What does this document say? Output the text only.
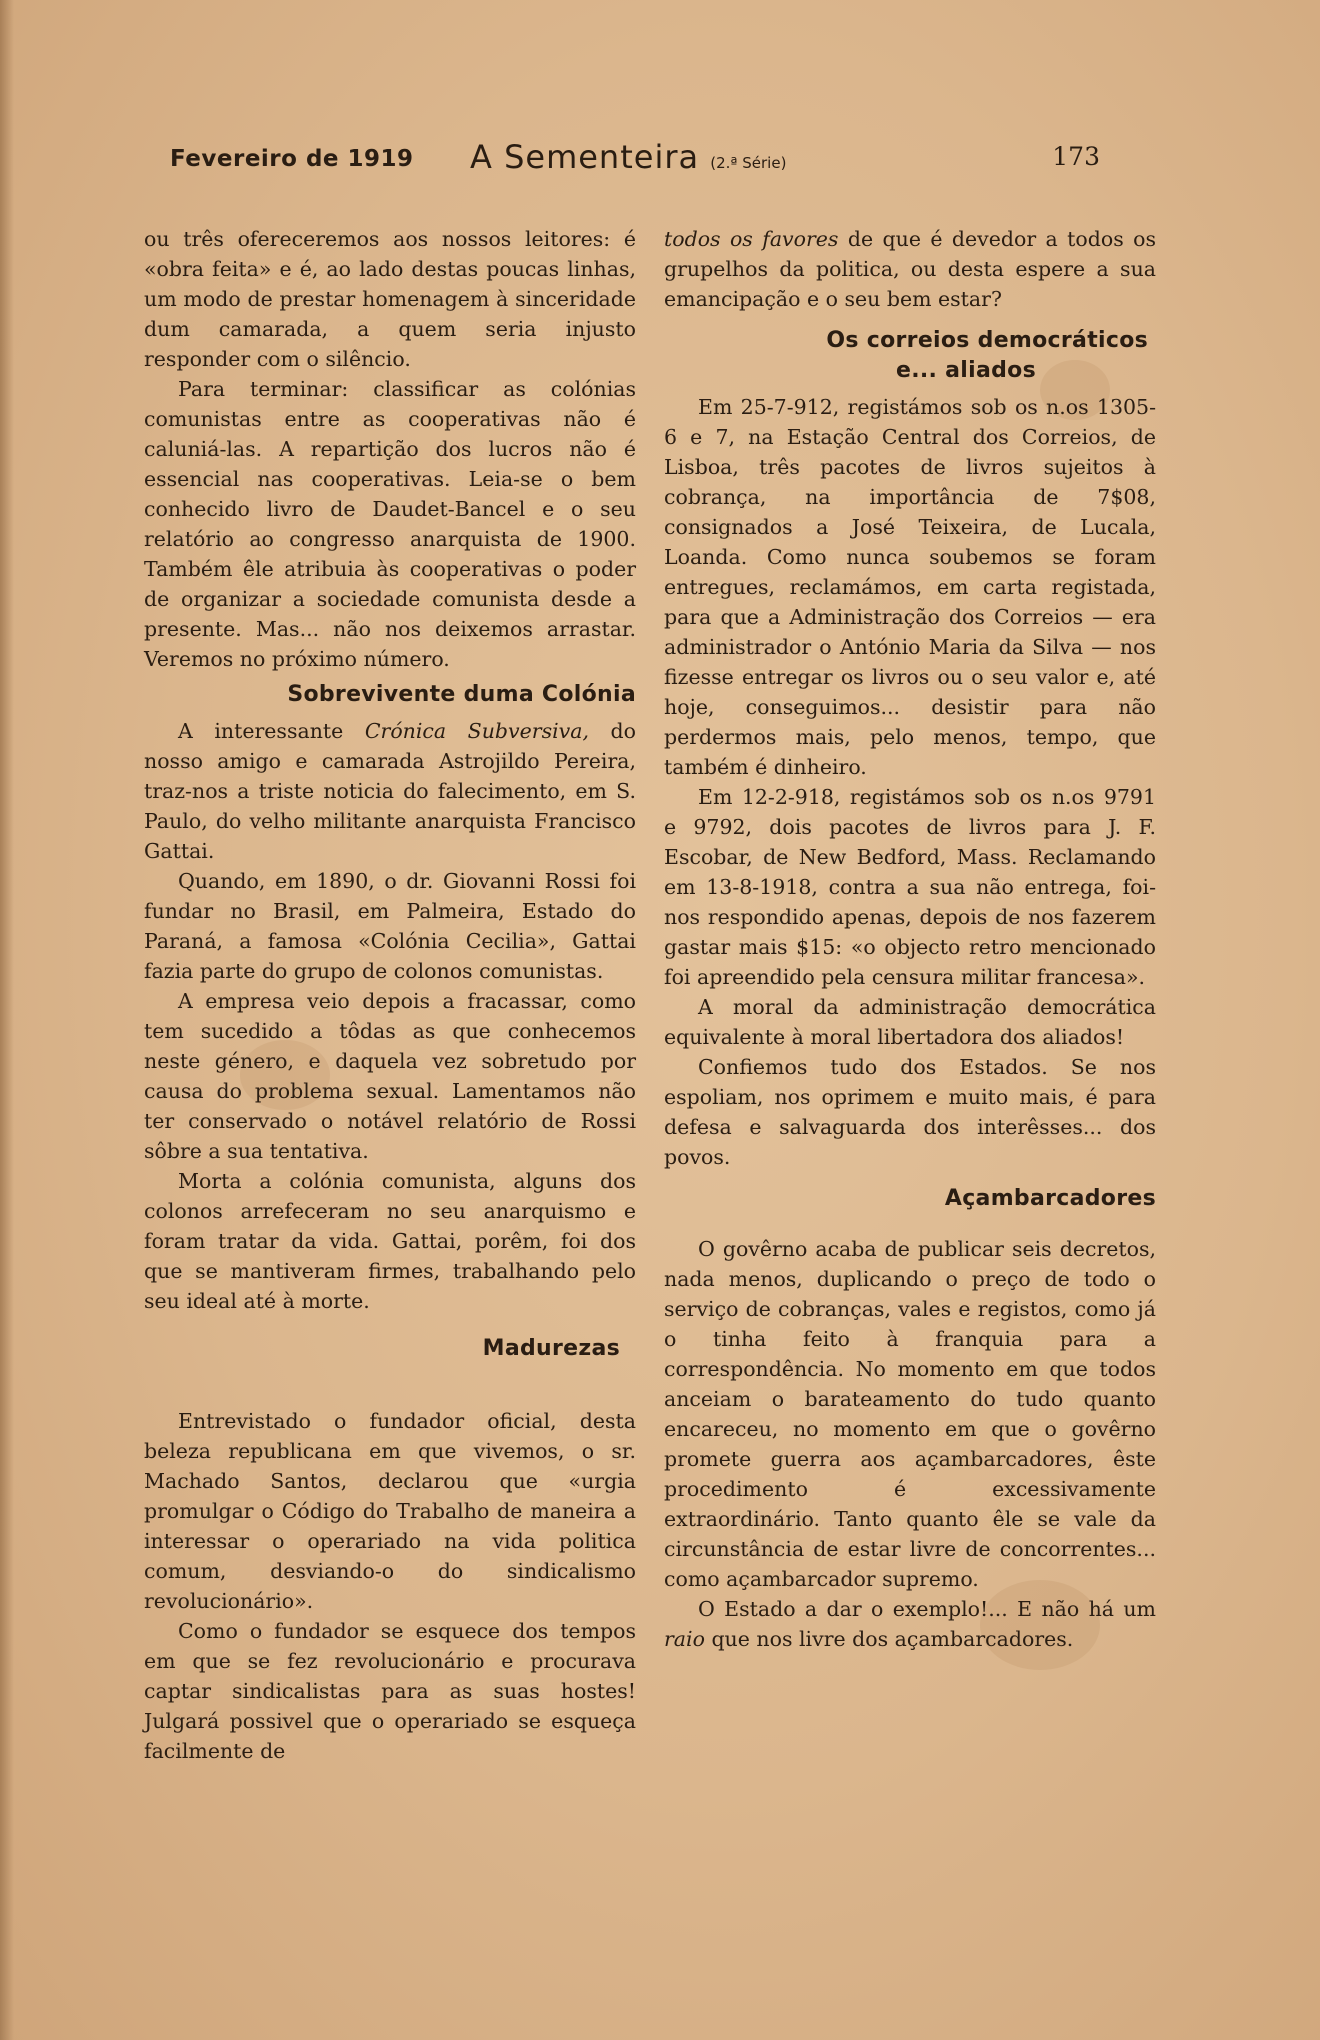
Fevereiro de 1919 A Sementeira (2.ª Série)	173

ou três ofereceremos aos nossos leitores: é «obra feita» e é, ao lado destas poucas linhas, um modo de prestar homenagem à sinceridade dum camarada, a quem seria injusto responder com o silêncio.

Para terminar: classificar as colónias comunistas entre as cooperativas não é caluniá-las. A repartição dos lucros não é essencial nas cooperativas. Leia-se o bem conhecido livro de Daudet-Bancel e o seu relatório ao congresso anarquista de 1900. Também êle atribuia às cooperativas o poder de organizar a sociedade comunista desde a presente. Mas... não nos deixemos arrastar. Veremos no próximo número.

Sobrevivente duma Colónia

A interessante Crónica Subversiva, do nosso amigo e camarada Astrojildo Pereira, traz-nos a triste noticia do falecimento, em S. Paulo, do velho militante anarquista Francisco Gattai.

Quando, em 1890, o dr. Giovanni Rossi foi fundar no Brasil, em Palmeira, Estado do Paraná, a famosa «Colónia Cecilia», Gattai fazia parte do grupo de colonos comunistas.

A empresa veio depois a fracassar, como tem sucedido a tôdas as que conhecemos neste género, e daquela vez sobretudo por causa do problema sexual. Lamentamos não ter conservado o notável relatório de Rossi sôbre a sua tentativa.

Morta a colónia comunista, alguns dos colonos arrefeceram no seu anarquismo e foram tratar da vida. Gattai, porêm, foi dos que se mantiveram firmes, trabalhando pelo seu ideal até à morte.

Madurezas

Entrevistado o fundador oficial, desta beleza republicana em que vivemos, o sr. Machado Santos, declarou que «urgia promulgar o Código do Trabalho de maneira a interessar o operariado na vida politica comum, desviando-o do sindicalismo revolucionário».

Como o fundador se esquece dos tempos em que se fez revolucionário e procurava captar sindicalistas para as suas hostes! Julgará possivel que o operariado se esqueça facilmente de

todos os favores de que é devedor a todos os grupelhos da politica, ou desta espere a sua emancipação e o seu bem estar?

Os correios democráticos
e... aliados

Em 25-7-912, registámos sob os n.os 1305-6 e 7, na Estação Central dos Correios, de Lisboa, três pacotes de livros sujeitos à cobrança, na importância de 7$08, consignados a José Teixeira, de Lucala, Loanda. Como nunca soubemos se foram entregues, reclamámos, em carta registada, para que a Administração dos Correios — era administrador o António Maria da Silva — nos fizesse entregar os livros ou o seu valor e, até hoje, conseguimos... desistir para não perdermos mais, pelo menos, tempo, que também é dinheiro.

Em 12-2-918, registámos sob os n.os 9791 e 9792, dois pacotes de livros para J. F. Escobar, de New Bedford, Mass. Reclamando em 13-8-1918, contra a sua não entrega, foi-nos respondido apenas, depois de nos fazerem gastar mais $15: «o objecto retro mencionado foi apreendido pela censura militar francesa».

A moral da administração democrática equivalente à moral libertadora dos aliados!

Confiemos tudo dos Estados. Se nos espoliam, nos oprimem e muito mais, é para defesa e salvaguarda dos interêsses... dos povos.

Açambarcadores

O govêrno acaba de publicar seis decretos, nada menos, duplicando o preço de todo o serviço de cobranças, vales e registos, como já o tinha feito à franquia para a correspondência. No momento em que todos anceiam o barateamento do tudo quanto encareceu, no momento em que o govêrno promete guerra aos açambarcadores, êste procedimento é excessivamente extraordinário. Tanto quanto êle se vale da circunstância de estar livre de concorrentes... como açambarcador supremo.

O Estado a dar o exemplo!... E não há um raio que nos livre dos açambarcadores.
